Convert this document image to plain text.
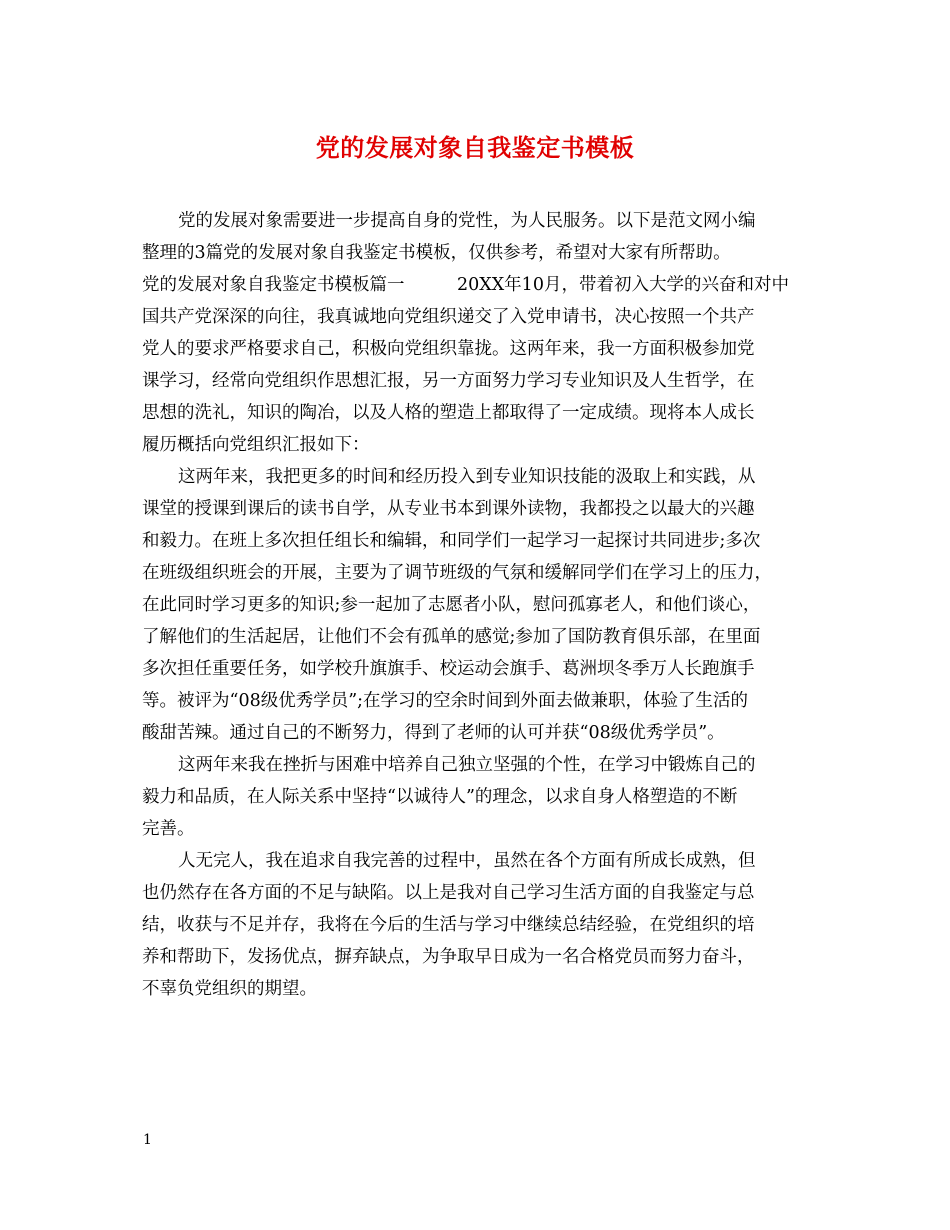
党的发展对象自我鉴定书模板
党的发展对象需要进一步提高自身的党性，为人民服务。以下是范文网小编
整理的3篇党的发展对象自我鉴定书模板，仅供参考，希望对大家有所帮助。
党的发展对象自我鉴定书模板篇一　　　20XX年10月，带着初入大学的兴奋和对中
国共产党深深的向往，我真诚地向党组织递交了入党申请书，决心按照一个共产
党人的要求严格要求自己，积极向党组织靠拢。这两年来，我一方面积极参加党
课学习，经常向党组织作思想汇报，另一方面努力学习专业知识及人生哲学，在
思想的洗礼，知识的陶冶，以及人格的塑造上都取得了一定成绩。现将本人成长
履历概括向党组织汇报如下：
这两年来，我把更多的时间和经历投入到专业知识技能的汲取上和实践，从
课堂的授课到课后的读书自学，从专业书本到课外读物，我都投之以最大的兴趣
和毅力。在班上多次担任组长和编辑，和同学们一起学习一起探讨共同进步;多次
在班级组织班会的开展，主要为了调节班级的气氛和缓解同学们在学习上的压力，
在此同时学习更多的知识;参一起加了志愿者小队，慰问孤寡老人，和他们谈心，
了解他们的生活起居，让他们不会有孤单的感觉;参加了国防教育俱乐部，在里面
多次担任重要任务，如学校升旗旗手、校运动会旗手、葛洲坝冬季万人长跑旗手
等。被评为“08级优秀学员”;在学习的空余时间到外面去做兼职，体验了生活的
酸甜苦辣。通过自己的不断努力，得到了老师的认可并获“08级优秀学员”。
这两年来我在挫折与困难中培养自己独立坚强的个性，在学习中锻炼自己的
毅力和品质，在人际关系中坚持“以诚待人”的理念，以求自身人格塑造的不断
完善。
人无完人，我在追求自我完善的过程中，虽然在各个方面有所成长成熟，但
也仍然存在各方面的不足与缺陷。以上是我对自己学习生活方面的自我鉴定与总
结，收获与不足并存，我将在今后的生活与学习中继续总结经验，在党组织的培
养和帮助下，发扬优点，摒弃缺点，为争取早日成为一名合格党员而努力奋斗，
不辜负党组织的期望。
1
